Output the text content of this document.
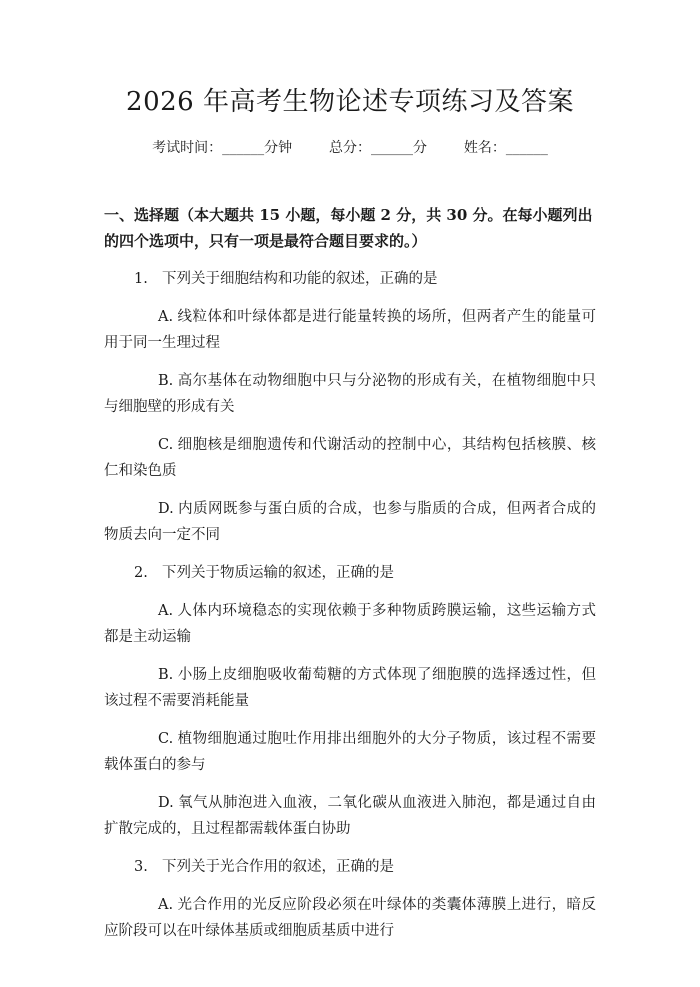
2026 年高考生物论述专项练习及答案
考试时间：______分钟	总分：______分	姓名：______
一、选择题（本大题共 15 小题，每小题 2 分，共 30 分。在每小题列出的四个选项中，只有一项是最符合题目要求的。）
1. 下列关于细胞结构和功能的叙述，正确的是
A. 线粒体和叶绿体都是进行能量转换的场所，但两者产生的能量可用于同一生理过程
B. 高尔基体在动物细胞中只与分泌物的形成有关，在植物细胞中只与细胞壁的形成有关
C. 细胞核是细胞遗传和代谢活动的控制中心，其结构包括核膜、核仁和染色质
D. 内质网既参与蛋白质的合成，也参与脂质的合成，但两者合成的物质去向一定不同
2. 下列关于物质运输的叙述，正确的是
A. 人体内环境稳态的实现依赖于多种物质跨膜运输，这些运输方式都是主动运输
B. 小肠上皮细胞吸收葡萄糖的方式体现了细胞膜的选择透过性，但该过程不需要消耗能量
C. 植物细胞通过胞吐作用排出细胞外的大分子物质，该过程不需要载体蛋白的参与
D. 氧气从肺泡进入血液，二氧化碳从血液进入肺泡，都是通过自由扩散完成的，且过程都需载体蛋白协助
3. 下列关于光合作用的叙述，正确的是
A. 光合作用的光反应阶段必须在叶绿体的类囊体薄膜上进行，暗反应阶段可以在叶绿体基质或细胞质基质中进行
